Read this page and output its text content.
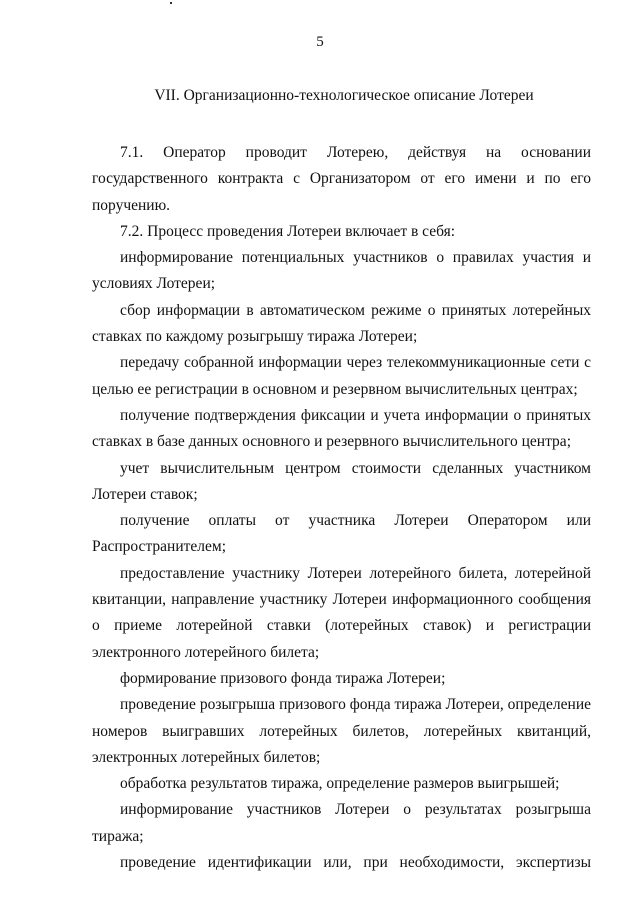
5
VII. Организационно-технологическое описание Лотереи

7.1. Оператор проводит Лотерею, действуя на основании государственного контракта с Организатором от его имени и по его поручению.

7.2. Процесс проведения Лотереи включает в себя:

информирование потенциальных участников о правилах участия и условиях Лотереи;

сбор информации в автоматическом режиме о принятых лотерейных ставках по каждому розыгрышу тиража Лотереи;

передачу собранной информации через телекоммуникационные сети с целью ее регистрации в основном и резервном вычислительных центрах;

получение подтверждения фиксации и учета информации о принятых ставках в базе данных основного и резервного вычислительного центра;

учет вычислительным центром стоимости сделанных участником Лотереи ставок;

получение оплаты от участника Лотереи Оператором или Распространителем;

предоставление участнику Лотереи лотерейного билета, лотерейной квитанции, направление участнику Лотереи информационного сообщения о приеме лотерейной ставки (лотерейных ставок) и регистрации электронного лотерейного билета;

формирование призового фонда тиража Лотереи;

проведение розыгрыша призового фонда тиража Лотереи, определение номеров выигравших лотерейных билетов, лотерейных квитанций, электронных лотерейных билетов;

обработка результатов тиража, определение размеров выигрышей;

информирование участников Лотереи о результатах розыгрыша тиража;

проведение идентификации или, при необходимости, экспертизы
